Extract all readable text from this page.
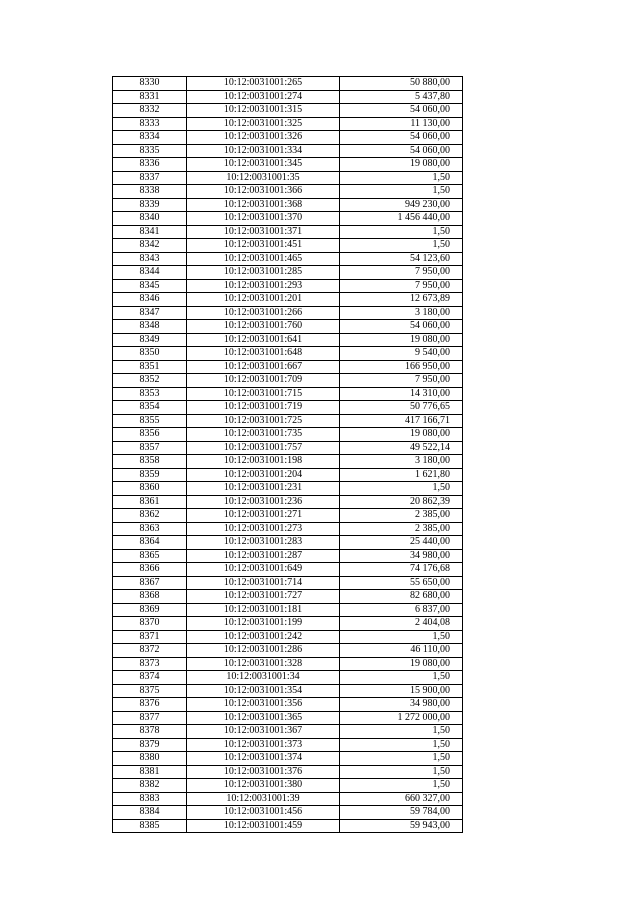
8330	10:12:0031001:265	50 880,00
8331	10:12:0031001:274	5 437,80
8332	10:12:0031001:315	54 060,00
8333	10:12:0031001:325	11 130,00
8334	10:12:0031001:326	54 060,00
8335	10:12:0031001:334	54 060,00
8336	10:12:0031001:345	19 080,00
8337	10:12:0031001:35	1,50
8338	10:12:0031001:366	1,50
8339	10:12:0031001:368	949 230,00
8340	10:12:0031001:370	1 456 440,00
8341	10:12:0031001:371	1,50
8342	10:12:0031001:451	1,50
8343	10:12:0031001:465	54 123,60
8344	10:12:0031001:285	7 950,00
8345	10:12:0031001:293	7 950,00
8346	10:12:0031001:201	12 673,89
8347	10:12:0031001:266	3 180,00
8348	10:12:0031001:760	54 060,00
8349	10:12:0031001:641	19 080,00
8350	10:12:0031001:648	9 540,00
8351	10:12:0031001:667	166 950,00
8352	10:12:0031001:709	7 950,00
8353	10:12:0031001:715	14 310,00
8354	10:12:0031001:719	50 776,65
8355	10:12:0031001:725	417 166,71
8356	10:12:0031001:735	19 080,00
8357	10:12:0031001:757	49 522,14
8358	10:12:0031001:198	3 180,00
8359	10:12:0031001:204	1 621,80
8360	10:12:0031001:231	1,50
8361	10:12:0031001:236	20 862,39
8362	10:12:0031001:271	2 385,00
8363	10:12:0031001:273	2 385,00
8364	10:12:0031001:283	25 440,00
8365	10:12:0031001:287	34 980,00
8366	10:12:0031001:649	74 176,68
8367	10:12:0031001:714	55 650,00
8368	10:12:0031001:727	82 680,00
8369	10:12:0031001:181	6 837,00
8370	10:12:0031001:199	2 404,08
8371	10:12:0031001:242	1,50
8372	10:12:0031001:286	46 110,00
8373	10:12:0031001:328	19 080,00
8374	10:12:0031001:34	1,50
8375	10:12:0031001:354	15 900,00
8376	10:12:0031001:356	34 980,00
8377	10:12:0031001:365	1 272 000,00
8378	10:12:0031001:367	1,50
8379	10:12:0031001:373	1,50
8380	10:12:0031001:374	1,50
8381	10:12:0031001:376	1,50
8382	10:12:0031001:380	1,50
8383	10:12:0031001:39	660 327,00
8384	10:12:0031001:456	59 784,00
8385	10:12:0031001:459	59 943,00
